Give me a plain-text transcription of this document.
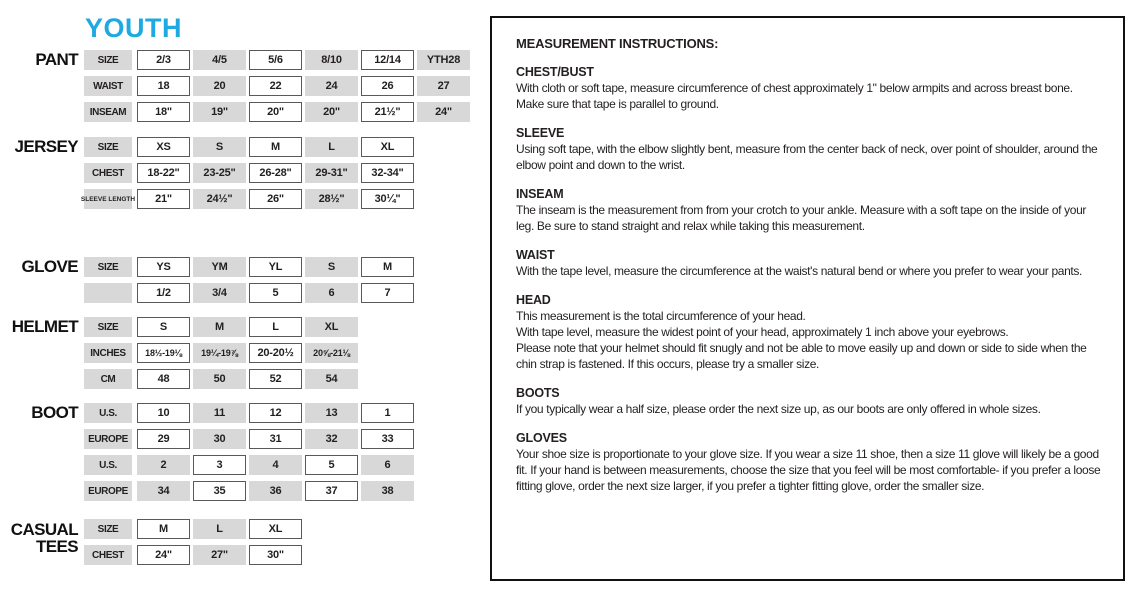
YOUTH
PANT	SIZE	2/3	4/5	5/6	8/10	12/14	YTH28
WAIST	18	20	22	24	26	27
INSEAM	18"	19"	20"	20"	21½"	24"
JERSEY	SIZE	XS	S	M	L	XL
CHEST	18-22"	23-25"	26-28"	29-31"	32-34"
SLEEVE LENGTH	21"	24½"	26"	28½"	30¼"
GLOVE	SIZE	YS	YM	YL	S	M
1/2	3/4	5	6	7
HELMET	SIZE	S	M	L	XL
INCHES	18½-19⅛	19¼-19⅞	20-20½	20⅝-21⅛
CM	48	50	52	54
BOOT	U.S.	10	11	12	13	1
EUROPE	29	30	31	32	33
U.S.	2	3	4	5	6
EUROPE	34	35	36	37	38
CASUAL
TEES
SIZE	M	L	XL
CHEST	24"	27"	30"
MEASUREMENT INSTRUCTIONS:
CHEST/BUST
With cloth or soft tape, measure circumference of chest approximately 1" below armpits and across breast bone.
Make sure that tape is parallel to ground.
SLEEVE
Using soft tape, with the elbow slightly bent, measure from the center back of neck, over point of shoulder, around the elbow point and down to the wrist.
INSEAM
The inseam is the measurement from from your crotch to your ankle. Measure with a soft tape on the inside of your leg. Be sure to stand straight and relax while taking this measurement.
WAIST
With the tape level, measure the circumference at the waist's natural bend or where you prefer to wear your pants.
HEAD
This measurement is the total circumference of your head.
With tape level, measure the widest point of your head, approximately 1 inch above your eyebrows.
Please note that your helmet should fit snugly and not be able to move easily up and down or side to side when the chin strap is fastened. If this occurs, please try a smaller size.
BOOTS
If you typically wear a half size, please order the next size up, as our boots are only offered in whole sizes.
GLOVES
Your shoe size is proportionate to your glove size. If you wear a size 11 shoe, then a size 11 glove will likely be a good fit. If your hand is between measurements, choose the size that you feel will be most comfortable- if you prefer a loose fitting glove, order the next size larger, if you prefer a tighter fitting glove, order the smaller size.
